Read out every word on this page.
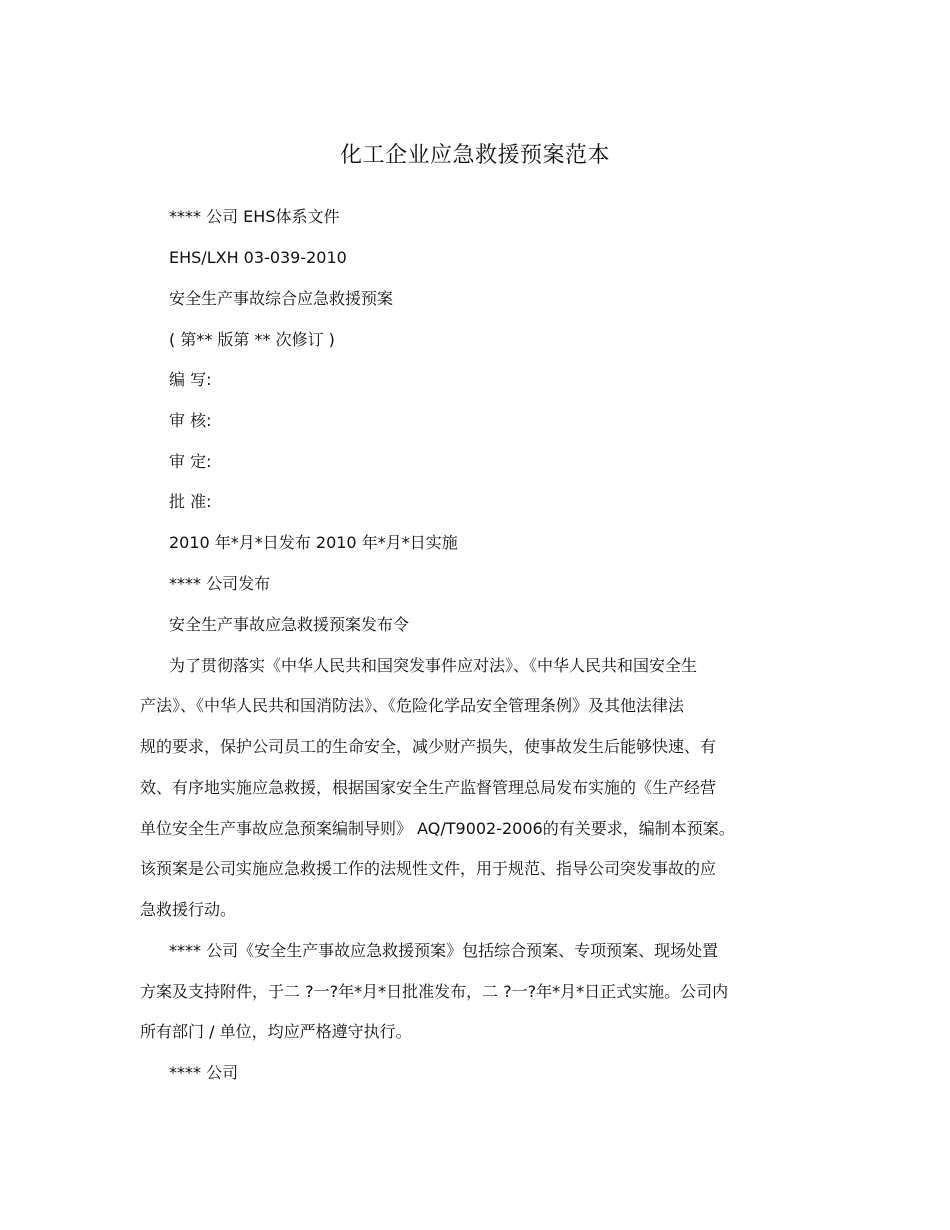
化工企业应急救援预案范本
**** 公司 EHS体系文件
EHS/LXH 03-039-2010
安全生产事故综合应急救援预案
( 第** 版第 ** 次修订 )
编 写:
审 核:
审 定:
批 准:
2010 年*月*日发布 2010 年*月*日实施
**** 公司发布
安全生产事故应急救援预案发布令
为了贯彻落实《中华人民共和国突发事件应对法》、《中华人民共和国安全生
产法》、《中华人民共和国消防法》、《危险化学品安全管理条例》及其他法律法
规的要求，保护公司员工的生命安全，减少财产损失，使事故发生后能够快速、有
效、有序地实施应急救援，根据国家安全生产监督管理总局发布实施的《生产经营
单位安全生产事故应急预案编制导则》 AQ/T9002-2006的有关要求，编制本预案。
该预案是公司实施应急救援工作的法规性文件，用于规范、指导公司突发事故的应
急救援行动。
**** 公司《安全生产事故应急救援预案》包括综合预案、专项预案、现场处置
方案及支持附件，于二 ?一?年*月*日批准发布，二 ?一?年*月*日正式实施。公司内
所有部门 / 单位，均应严格遵守执行。
**** 公司
